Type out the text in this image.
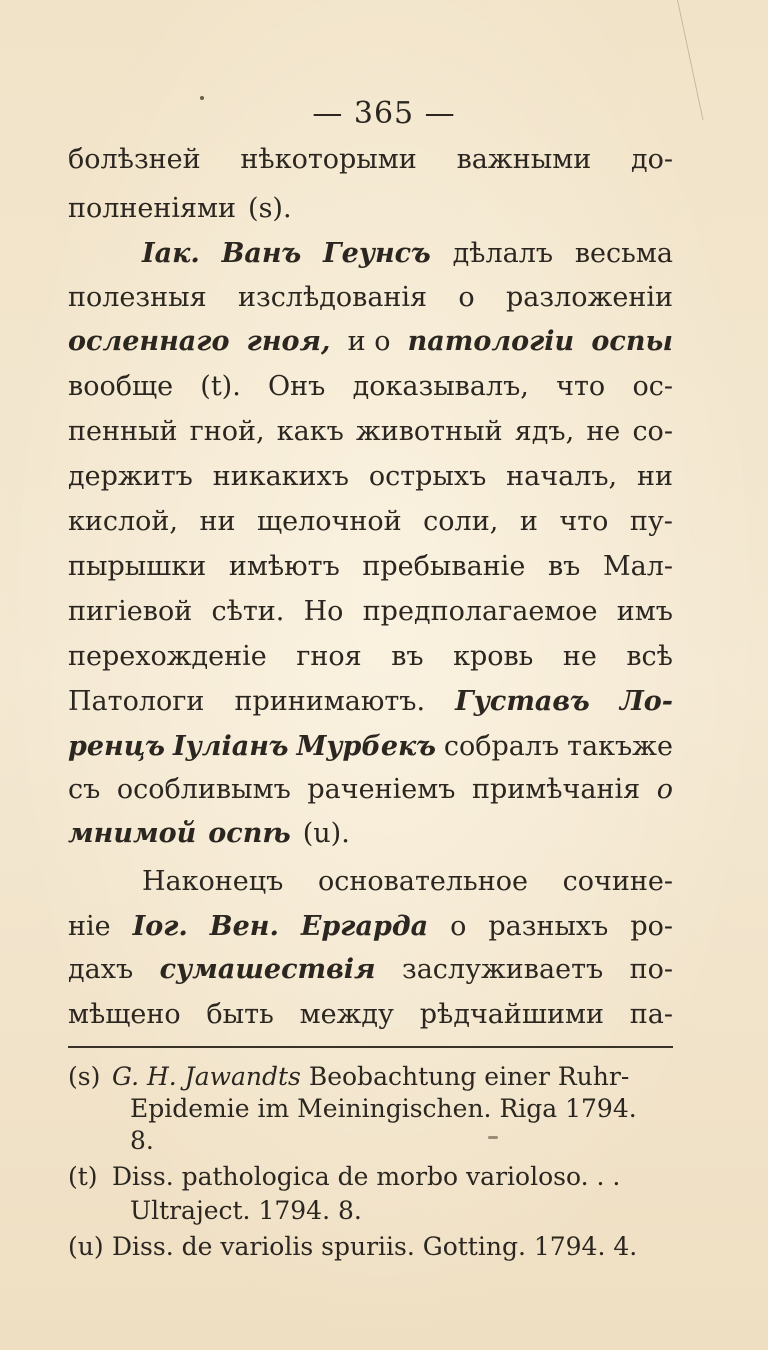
— 365 —
болѣзней нѣкоторыми важными до-
полненіями (s).
Iак. Ванъ Геунсъ дѣлалъ весьма
полезныя изслѣдованія о разложеніи
осленнаго гноя, и о патологіи оспы
вообще (t). Онъ доказывалъ, что ос-
пенный гной, какъ животный ядъ, не со-
держитъ никакихъ острыхъ началъ, ни
кислой, ни щелочной соли, и что пу-
пырышки имѣютъ пребываніе въ Мал-
пигіевой сѣти. Но предполагаемое имъ
перехожденіе гноя въ кровь не всѣ
Патологи принимаютъ. Густавъ Ло-
ренцъ Iуліанъ Мурбекъ собралъ такъже
съ особливымъ раченіемъ примѣчанія о
мнимой оспѣ (u).
Наконецъ основательное сочине-
ніе Iог. Вен. Ергарда о разныхъ ро-
дахъ сумашествія заслуживаетъ по-
мѣщено быть между рѣдчайшими па-
(s) G. H. Jawandts Beobachtung einer Ruhr-
Epidemie im Meiningischen. Riga 1794.
8.
(t) Diss. pathologica de morbo varioloso. . .
Ultraject. 1794. 8.
(u) Diss. de variolis spuriis. Gotting. 1794. 4.
